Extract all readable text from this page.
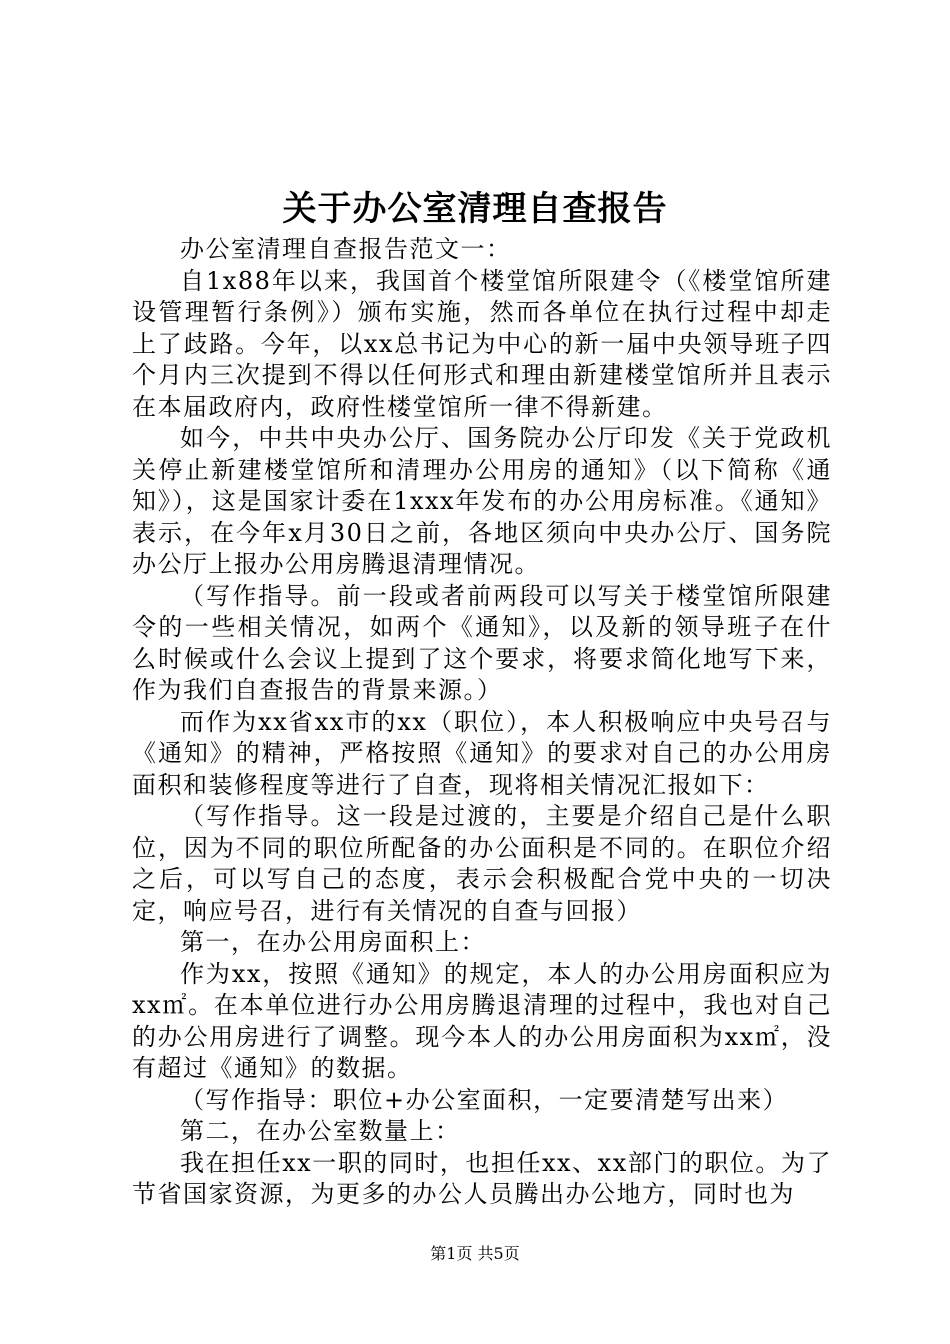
关于办公室清理自查报告

办公室清理自查报告范文一：

自1x88年以来，我国首个楼堂馆所限建令（《楼堂馆所建设管理暂行条例》）颁布实施，然而各单位在执行过程中却走上了歧路。今年，以xx总书记为中心的新一届中央领导班子四个月内三次提到不得以任何形式和理由新建楼堂馆所并且表示在本届政府内，政府性楼堂馆所一律不得新建。

如今，中共中央办公厅、国务院办公厅印发《关于党政机关停止新建楼堂馆所和清理办公用房的通知》（以下简称《通知》），这是国家计委在1xxx年发布的办公用房标准。《通知》表示，在今年x月30日之前，各地区须向中央办公厅、国务院办公厅上报办公用房腾退清理情况。

（写作指导。前一段或者前两段可以写关于楼堂馆所限建令的一些相关情况，如两个《通知》，以及新的领导班子在什么时候或什么会议上提到了这个要求，将要求简化地写下来，作为我们自查报告的背景来源。）

而作为xx省xx市的xx（职位），本人积极响应中央号召与《通知》的精神，严格按照《通知》的要求对自己的办公用房面积和装修程度等进行了自查，现将相关情况汇报如下：

（写作指导。这一段是过渡的，主要是介绍自己是什么职位，因为不同的职位所配备的办公面积是不同的。在职位介绍之后，可以写自己的态度，表示会积极配合党中央的一切决定，响应号召，进行有关情况的自查与回报）

第一，在办公用房面积上：

作为xx，按照《通知》的规定，本人的办公用房面积应为xx㎡。在本单位进行办公用房腾退清理的过程中，我也对自己的办公用房进行了调整。现今本人的办公用房面积为xx㎡，没有超过《通知》的数据。

（写作指导：职位+办公室面积，一定要清楚写出来）

第二，在办公室数量上：

我在担任xx一职的同时，也担任xx、xx部门的职位。为了节省国家资源，为更多的办公人员腾出办公地方，同时也为

第1页 共5页
